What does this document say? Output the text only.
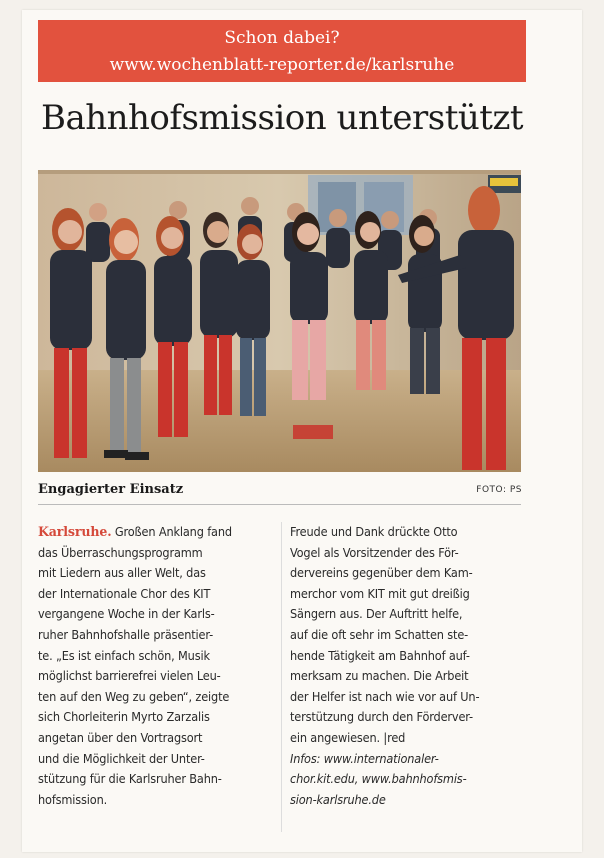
Schon dabei?
www.wochenblatt-reporter.de/karlsruhe
Bahnhofsmission unterstützt
Engagierter Einsatz	FOTO: PS
Karlsruhe. Großen Anklang fand
das Überraschungsprogramm
mit Liedern aus aller Welt, das
der Internationale Chor des KIT
vergangene Woche in der Karls-
ruher Bahnhofshalle präsentier-
te. „Es ist einfach schön, Musik
möglichst barrierefrei vielen Leu-
ten auf den Weg zu geben“, zeigte
sich Chorleiterin Myrto Zarzalis
angetan über den Vortragsort
und die Möglichkeit der Unter-
stützung für die Karlsruher Bahn-
hofsmission.
Freude und Dank drückte Otto
Vogel als Vorsitzender des För-
dervereins gegenüber dem Kam-
merchor vom KIT mit gut dreißig
Sängern aus. Der Auftritt helfe,
auf die oft sehr im Schatten ste-
hende Tätigkeit am Bahnhof auf-
merksam zu machen. Die Arbeit
der Helfer ist nach wie vor auf Un-
terstützung durch den Förderver-
ein angewiesen. |red
Infos: www.internationaler-
chor.kit.edu, www.bahnhofsmis-
sion-karlsruhe.de
